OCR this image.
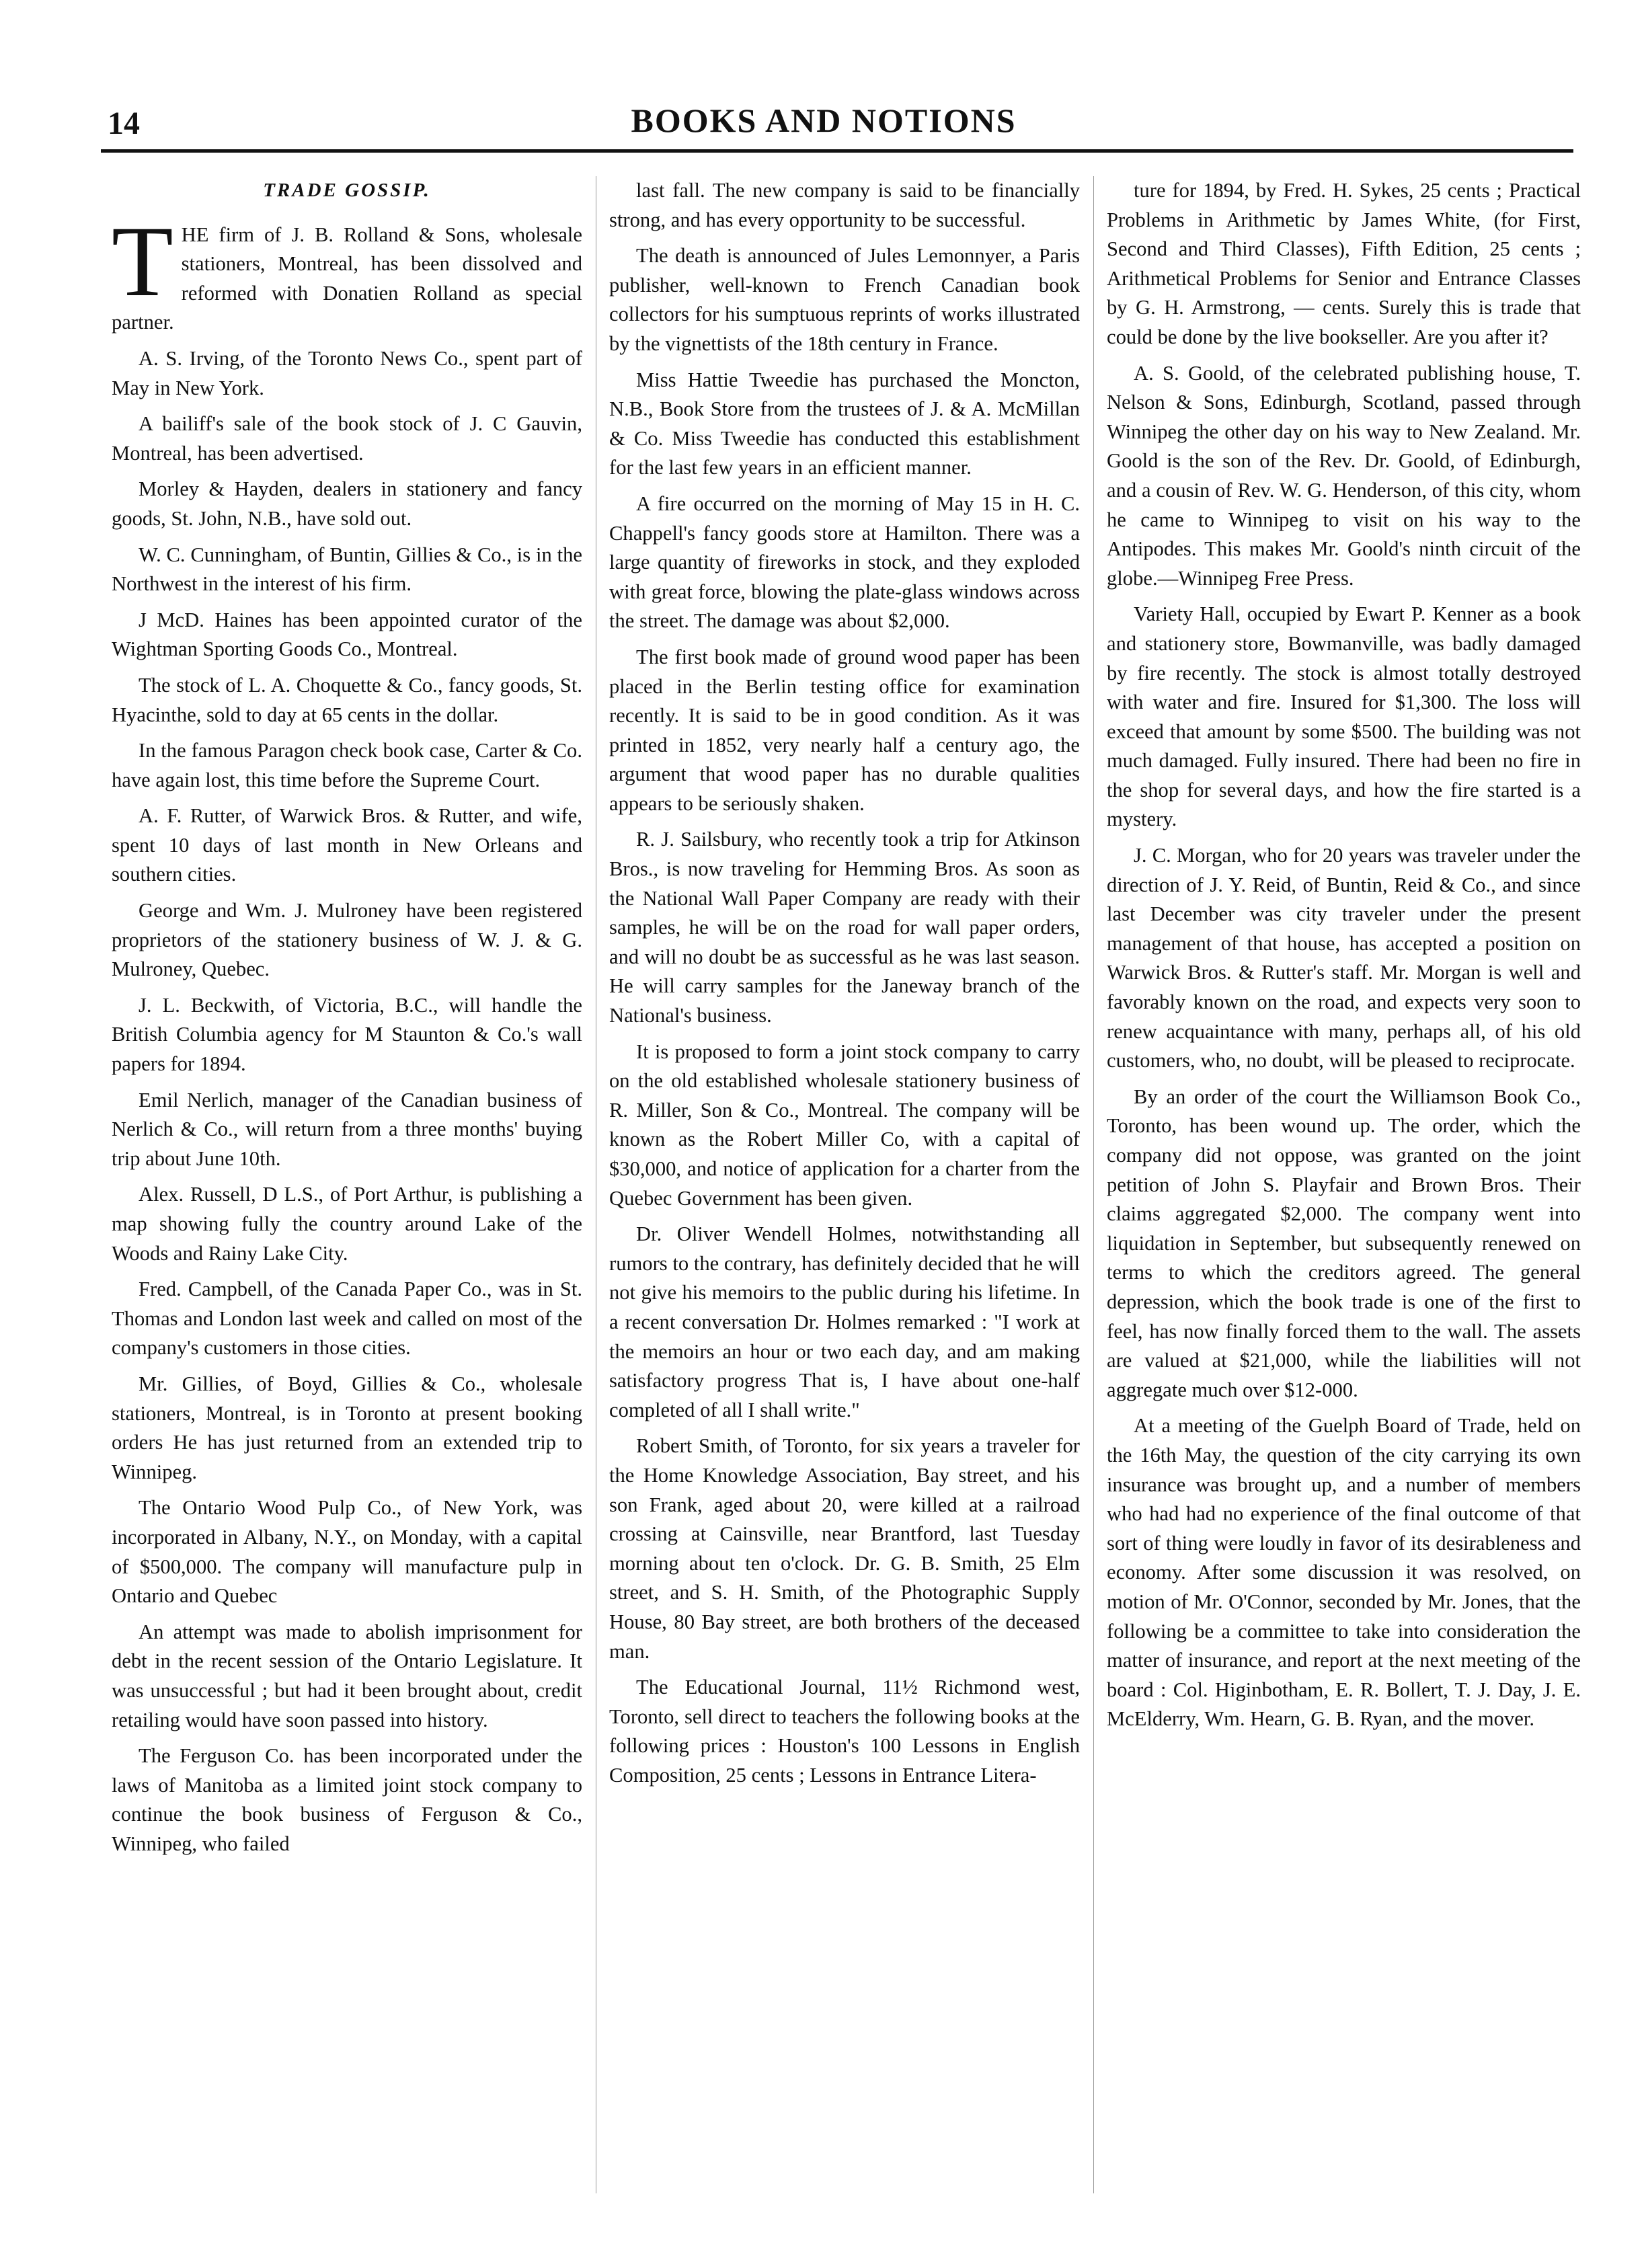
14	BOOKS AND NOTIONS
TRADE GOSSIP.

THE firm of J. B. Rolland & Sons, wholesale stationers, Montreal, has been dissolved and reformed with Donatien Rolland as special partner.

A. S. Irving, of the Toronto News Co., spent part of May in New York.

A bailiff's sale of the book stock of J. C Gauvin, Montreal, has been advertised.

Morley & Hayden, dealers in stationery and fancy goods, St. John, N.B., have sold out.

W. C. Cunningham, of Buntin, Gillies & Co., is in the Northwest in the interest of his firm.

J McD. Haines has been appointed curator of the Wightman Sporting Goods Co., Montreal.

The stock of L. A. Choquette & Co., fancy goods, St. Hyacinthe, sold to day at 65 cents in the dollar.

In the famous Paragon check book case, Carter & Co. have again lost, this time before the Supreme Court.

A. F. Rutter, of Warwick Bros. & Rutter, and wife, spent 10 days of last month in New Orleans and southern cities.

George and Wm. J. Mulroney have been registered proprietors of the stationery business of W. J. & G. Mulroney, Quebec.

J. L. Beckwith, of Victoria, B.C., will handle the British Columbia agency for M Staunton & Co.'s wall papers for 1894.

Emil Nerlich, manager of the Canadian business of Nerlich & Co., will return from a three months' buying trip about June 10th.

Alex. Russell, D L.S., of Port Arthur, is publishing a map showing fully the country around Lake of the Woods and Rainy Lake City.

Fred. Campbell, of the Canada Paper Co., was in St. Thomas and London last week and called on most of the company's customers in those cities.

Mr. Gillies, of Boyd, Gillies & Co., wholesale stationers, Montreal, is in Toronto at present booking orders He has just returned from an extended trip to Winnipeg.

The Ontario Wood Pulp Co., of New York, was incorporated in Albany, N.Y., on Monday, with a capital of $500,000. The company will manufacture pulp in Ontario and Quebec

An attempt was made to abolish imprisonment for debt in the recent session of the Ontario Legislature. It was unsuccessful ; but had it been brought about, credit retailing would have soon passed into history.

The Ferguson Co. has been incorporated under the laws of Manitoba as a limited joint stock company to continue the book business of Ferguson & Co., Winnipeg, who failed

last fall. The new company is said to be financially strong, and has every opportunity to be successful.

The death is announced of Jules Lemonnyer, a Paris publisher, well-known to French Canadian book collectors for his sumptuous reprints of works illustrated by the vignettists of the 18th century in France.

Miss Hattie Tweedie has purchased the Moncton, N.B., Book Store from the trustees of J. & A. McMillan & Co. Miss Tweedie has conducted this establishment for the last few years in an efficient manner.

A fire occurred on the morning of May 15 in H. C. Chappell's fancy goods store at Hamilton. There was a large quantity of fireworks in stock, and they exploded with great force, blowing the plate-glass windows across the street. The damage was about $2,000.

The first book made of ground wood paper has been placed in the Berlin testing office for examination recently. It is said to be in good condition. As it was printed in 1852, very nearly half a century ago, the argument that wood paper has no durable qualities appears to be seriously shaken.

R. J. Sailsbury, who recently took a trip for Atkinson Bros., is now traveling for Hemming Bros. As soon as the National Wall Paper Company are ready with their samples, he will be on the road for wall paper orders, and will no doubt be as successful as he was last season. He will carry samples for the Janeway branch of the National's business.

It is proposed to form a joint stock company to carry on the old established wholesale stationery business of R. Miller, Son & Co., Montreal. The company will be known as the Robert Miller Co, with a capital of $30,000, and notice of application for a charter from the Quebec Government has been given.

Dr. Oliver Wendell Holmes, notwithstanding all rumors to the contrary, has definitely decided that he will not give his memoirs to the public during his lifetime. In a recent conversation Dr. Holmes remarked : "I work at the memoirs an hour or two each day, and am making satisfactory progress That is, I have about one-half completed of all I shall write."

Robert Smith, of Toronto, for six years a traveler for the Home Knowledge Association, Bay street, and his son Frank, aged about 20, were killed at a railroad crossing at Cainsville, near Brantford, last Tuesday morning about ten o'clock. Dr. G. B. Smith, 25 Elm street, and S. H. Smith, of the Photographic Supply House, 80 Bay street, are both brothers of the deceased man.

The Educational Journal, 11½ Richmond west, Toronto, sell direct to teachers the following books at the following prices : Houston's 100 Lessons in English Composition, 25 cents ; Lessons in Entrance Litera-

ture for 1894, by Fred. H. Sykes, 25 cents ; Practical Problems in Arithmetic by James White, (for First, Second and Third Classes), Fifth Edition, 25 cents ; Arithmetical Problems for Senior and Entrance Classes by G. H. Armstrong, — cents. Surely this is trade that could be done by the live bookseller. Are you after it?

A. S. Goold, of the celebrated publishing house, T. Nelson & Sons, Edinburgh, Scotland, passed through Winnipeg the other day on his way to New Zealand. Mr. Goold is the son of the Rev. Dr. Goold, of Edinburgh, and a cousin of Rev. W. G. Henderson, of this city, whom he came to Winnipeg to visit on his way to the Antipodes. This makes Mr. Goold's ninth circuit of the globe.—Winnipeg Free Press.

Variety Hall, occupied by Ewart P. Kenner as a book and stationery store, Bowmanville, was badly damaged by fire recently. The stock is almost totally destroyed with water and fire. Insured for $1,300. The loss will exceed that amount by some $500. The building was not much damaged. Fully insured. There had been no fire in the shop for several days, and how the fire started is a mystery.

J. C. Morgan, who for 20 years was traveler under the direction of J. Y. Reid, of Buntin, Reid & Co., and since last December was city traveler under the present management of that house, has accepted a position on Warwick Bros. & Rutter's staff. Mr. Morgan is well and favorably known on the road, and expects very soon to renew acquaintance with many, perhaps all, of his old customers, who, no doubt, will be pleased to reciprocate.

By an order of the court the Williamson Book Co., Toronto, has been wound up. The order, which the company did not oppose, was granted on the joint petition of John S. Playfair and Brown Bros. Their claims aggregated $2,000. The company went into liquidation in September, but subsequently renewed on terms to which the creditors agreed. The general depression, which the book trade is one of the first to feel, has now finally forced them to the wall. The assets are valued at $21,000, while the liabilities will not aggregate much over $12-000.

At a meeting of the Guelph Board of Trade, held on the 16th May, the question of the city carrying its own insurance was brought up, and a number of members who had had no experience of the final outcome of that sort of thing were loudly in favor of its desirableness and economy. After some discussion it was resolved, on motion of Mr. O'Connor, seconded by Mr. Jones, that the following be a committee to take into consideration the matter of insurance, and report at the next meeting of the board : Col. Higinbotham, E. R. Bollert, T. J. Day, J. E. McElderry, Wm. Hearn, G. B. Ryan, and the mover.
